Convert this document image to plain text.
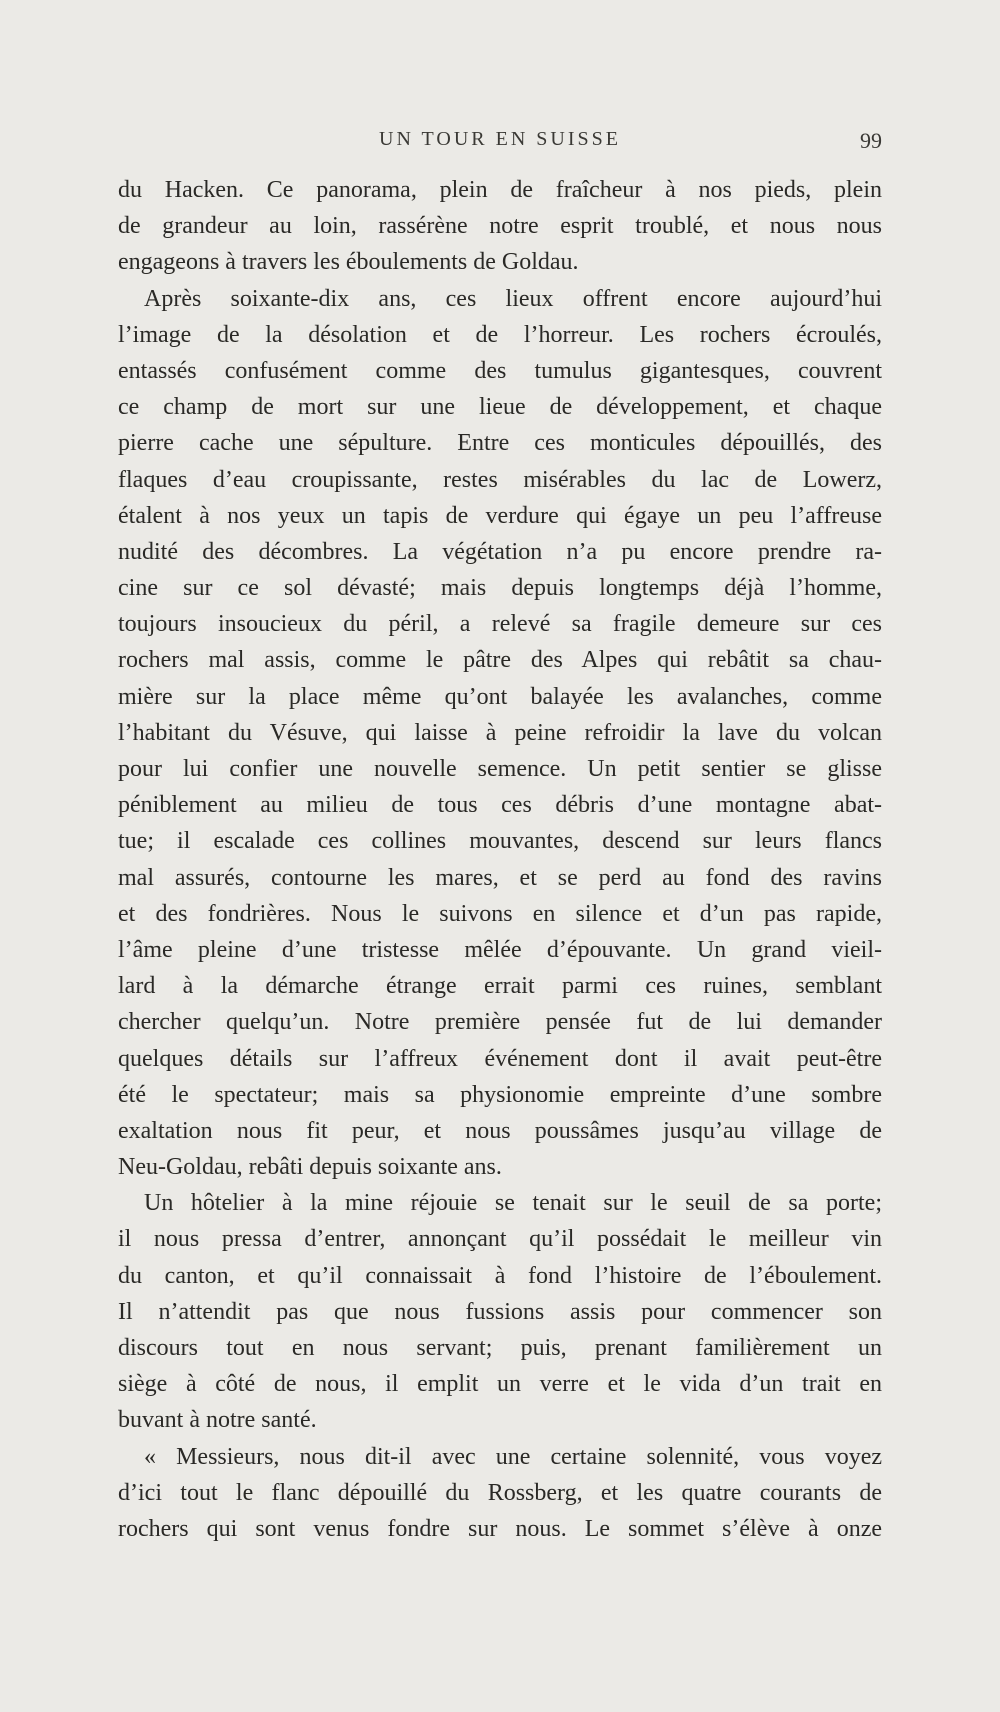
UN TOUR EN SUISSE	99
du Hacken. Ce panorama, plein de fraîcheur à nos pieds, plein
de grandeur au loin, rassérène notre esprit troublé, et nous nous
engageons à travers les éboulements de Goldau.
Après soixante-dix ans, ces lieux offrent encore aujourd’hui
l’image de la désolation et de l’horreur. Les rochers écroulés,
entassés confusément comme des tumulus gigantesques, couvrent
ce champ de mort sur une lieue de développement, et chaque
pierre cache une sépulture. Entre ces monticules dépouillés, des
flaques d’eau croupissante, restes misérables du lac de Lowerz,
étalent à nos yeux un tapis de verdure qui égaye un peu l’affreuse
nudité des décombres. La végétation n’a pu encore prendre ra-
cine sur ce sol dévasté; mais depuis longtemps déjà l’homme,
toujours insoucieux du péril, a relevé sa fragile demeure sur ces
rochers mal assis, comme le pâtre des Alpes qui rebâtit sa chau-
mière sur la place même qu’ont balayée les avalanches, comme
l’habitant du Vésuve, qui laisse à peine refroidir la lave du volcan
pour lui confier une nouvelle semence. Un petit sentier se glisse
péniblement au milieu de tous ces débris d’une montagne abat-
tue; il escalade ces collines mouvantes, descend sur leurs flancs
mal assurés, contourne les mares, et se perd au fond des ravins
et des fondrières. Nous le suivons en silence et d’un pas rapide,
l’âme pleine d’une tristesse mêlée d’épouvante. Un grand vieil-
lard à la démarche étrange errait parmi ces ruines, semblant
chercher quelqu’un. Notre première pensée fut de lui demander
quelques détails sur l’affreux événement dont il avait peut-être
été le spectateur; mais sa physionomie empreinte d’une sombre
exaltation nous fit peur, et nous poussâmes jusqu’au village de
Neu-Goldau, rebâti depuis soixante ans.
Un hôtelier à la mine réjouie se tenait sur le seuil de sa porte;
il nous pressa d’entrer, annonçant qu’il possédait le meilleur vin
du canton, et qu’il connaissait à fond l’histoire de l’éboulement.
Il n’attendit pas que nous fussions assis pour commencer son
discours tout en nous servant; puis, prenant familièrement un
siège à côté de nous, il emplit un verre et le vida d’un trait en
buvant à notre santé.
« Messieurs, nous dit-il avec une certaine solennité, vous voyez
d’ici tout le flanc dépouillé du Rossberg, et les quatre courants de
rochers qui sont venus fondre sur nous. Le sommet s’élève à onze
